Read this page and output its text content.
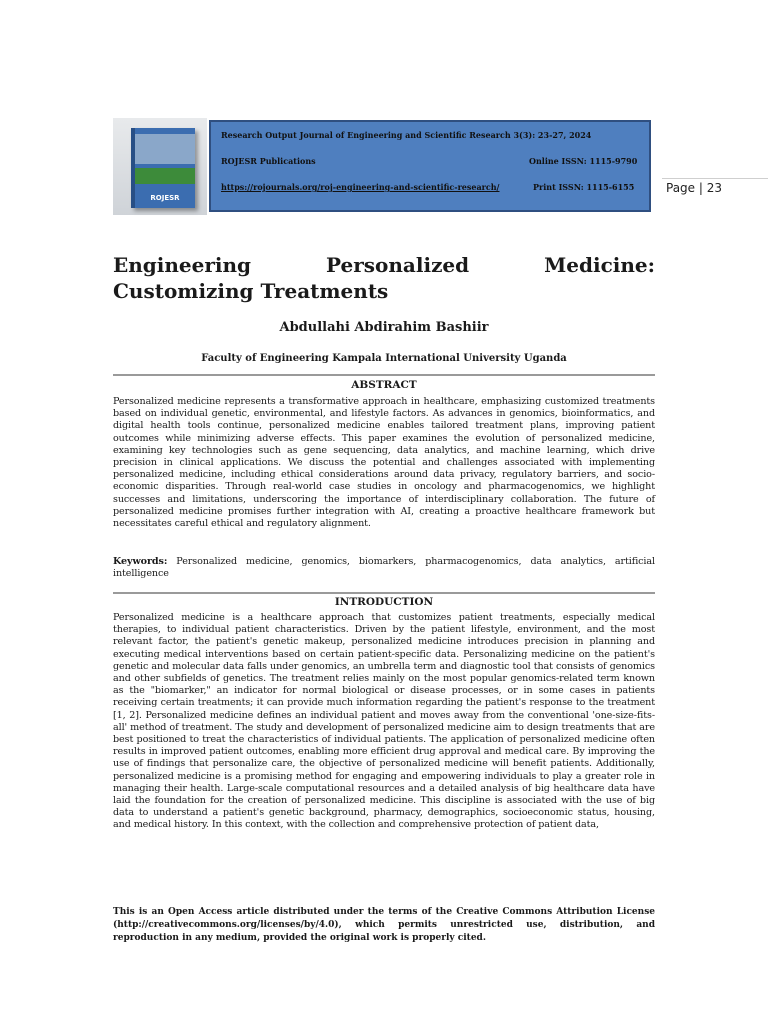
ROJESR
Research Output Journal of Engineering and Scientific Research 3(3): 23-27, 2024
ROJESR Publications	Online ISSN: 1115-9790
https://rojournals.org/roj-engineering-and-scientific-research/	Print ISSN: 1115-6155	Page | 23
Engineering Personalized Medicine: Customizing Treatments

Abdullahi Abdirahim Bashiir

Faculty of Engineering Kampala International University Uganda

ABSTRACT

Personalized medicine represents a transformative approach in healthcare, emphasizing customized treatments based on individual genetic, environmental, and lifestyle factors. As advances in genomics, bioinformatics, and digital health tools continue, personalized medicine enables tailored treatment plans, improving patient outcomes while minimizing adverse effects. This paper examines the evolution of personalized medicine, examining key technologies such as gene sequencing, data analytics, and machine learning, which drive precision in clinical applications. We discuss the potential and challenges associated with implementing personalized medicine, including ethical considerations around data privacy, regulatory barriers, and socio-economic disparities. Through real-world case studies in oncology and pharmacogenomics, we highlight successes and limitations, underscoring the importance of interdisciplinary collaboration. The future of personalized medicine promises further integration with AI, creating a proactive healthcare framework but necessitates careful ethical and regulatory alignment.

Keywords: Personalized medicine, genomics, biomarkers, pharmacogenomics, data analytics, artificial intelligence

INTRODUCTION

Personalized medicine is a healthcare approach that customizes patient treatments, especially medical therapies, to individual patient characteristics. Driven by the patient lifestyle, environment, and the most relevant factor, the patient's genetic makeup, personalized medicine introduces precision in planning and executing medical interventions based on certain patient-specific data. Personalizing medicine on the patient's genetic and molecular data falls under genomics, an umbrella term and diagnostic tool that consists of genomics and other subfields of genetics. The treatment relies mainly on the most popular genomics-related term known as the "biomarker," an indicator for normal biological or disease processes, or in some cases in patients receiving certain treatments; it can provide much information regarding the patient's response to the treatment [1, 2]. Personalized medicine defines an individual patient and moves away from the conventional 'one-size-fits-all' method of treatment. The study and development of personalized medicine aim to design treatments that are best positioned to treat the characteristics of individual patients. The application of personalized medicine often results in improved patient outcomes, enabling more efficient drug approval and medical care. By improving the use of findings that personalize care, the objective of personalized medicine will benefit patients. Additionally, personalized medicine is a promising method for engaging and empowering individuals to play a greater role in managing their health. Large-scale computational resources and a detailed analysis of big healthcare data have laid the foundation for the creation of personalized medicine. This discipline is associated with the use of big data to understand a patient's genetic background, pharmacy, demographics, socioeconomic status, housing, and medical history. In this context, with the collection and comprehensive protection of patient data,

This is an Open Access article distributed under the terms of the Creative Commons Attribution License (http://creativecommons.org/licenses/by/4.0), which permits unrestricted use, distribution, and reproduction in any medium, provided the original work is properly cited.
